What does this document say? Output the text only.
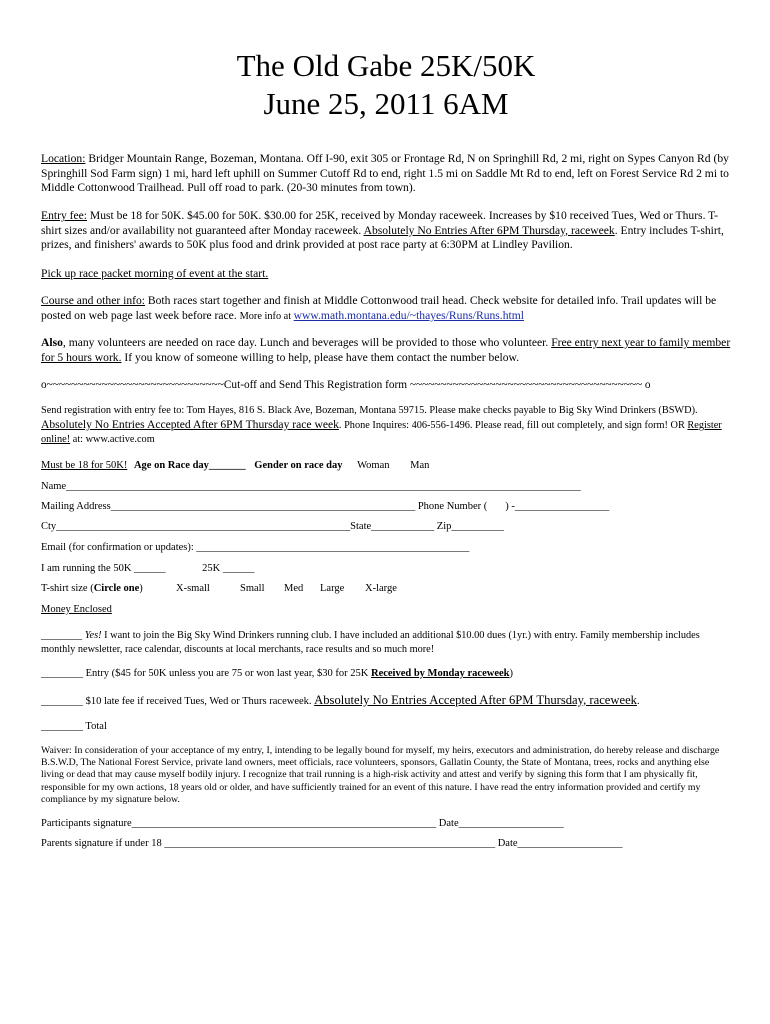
The Old Gabe 25K/50K
June 25, 2011 6AM
Location: Bridger Mountain Range, Bozeman, Montana. Off I-90, exit 305 or Frontage Rd, N on Springhill Rd, 2 mi, right on Sypes Canyon Rd (by Springhill Sod Farm sign) 1 mi, hard left uphill on Summer Cutoff Rd to end, right 1.5 mi on Saddle Mt Rd to end, left on Forest Service Rd 2 mi to Middle Cottonwood Trailhead. Pull off road to park. (20-30 minutes from town).
Entry fee: Must be 18 for 50K. $45.00 for 50K. $30.00 for 25K, received by Monday raceweek. Increases by $10 received Tues, Wed or Thurs. T-shirt sizes and/or availability not guaranteed after Monday raceweek. Absolutely No Entries After 6PM Thursday, raceweek. Entry includes T-shirt, prizes, and finishers' awards to 50K plus food and drink provided at post race party at 6:30PM at Lindley Pavilion.
Pick up race packet morning of event at the start.
Course and other info: Both races start together and finish at Middle Cottonwood trail head. Check website for detailed info. Trail updates will be posted on web page last week before race. More info at www.math.montana.edu/~thayes/Runs/Runs.html
Also, many volunteers are needed on race day. Lunch and beverages will be provided to those who volunteer. Free entry next year to family member for 5 hours work. If you know of someone willing to help, please have them contact the number below.
o~~~~~~~~~~~~~~~~~~~~~~~~~~~~~Cut-off and Send This Registration form ~~~~~~~~~~~~~~~~~~~~~~~~~~~~~~~~~~~~~~ o
Send registration with entry fee to: Tom Hayes, 816 S. Black Ave, Bozeman, Montana 59715. Please make checks payable to Big Sky Wind Drinkers (BSWD). Absolutely No Entries Accepted After 6PM Thursday race week. Phone Inquires: 406-556-1496. Please read, fill out completely, and sign form! OR Register online! at: www.active.com
Must be 18 for 50K! Age on Race day_______ Gender on race day Woman Man
Name__________________________________________________________________________________________________
Mailing Address__________________________________________________________ Phone Number ( ) -__________________
Cty________________________________________________________State____________ Zip__________
Email (for confirmation or updates): ____________________________________________________
I am running the 50K ______	25K ______
T-shirt size (Circle one)	X-small	Small Med Large X-large
Money Enclosed
________ Yes! I want to join the Big Sky Wind Drinkers running club. I have included an additional $10.00 dues (1yr.) with entry. Family membership includes monthly newsletter, race calendar, discounts at local merchants, race results and so much more!
________ Entry ($45 for 50K unless you are 75 or won last year, $30 for 25K Received by Monday raceweek)
________ $10 late fee if received Tues, Wed or Thurs raceweek. Absolutely No Entries Accepted After 6PM Thursday, raceweek.
________ Total
Waiver: In consideration of your acceptance of my entry, I, intending to be legally bound for myself, my heirs, executors and administration, do hereby release and discharge B.S.W.D, The National Forest Service, private land owners, meet officials, race volunteers, sponsors, Gallatin County, the State of Montana, trees, rocks and anything else living or dead that may cause myself bodily injury. I recognize that trail running is a high-risk activity and attest and verify by signing this form that I am physically fit, responsible for my own actions, 18 years old or older, and have sufficiently trained for an event of this nature. I have read the entry information provided and certify my compliance by my signature below.
Participants signature__________________________________________________________ Date____________________
Parents signature if under 18 _______________________________________________________________ Date____________________
